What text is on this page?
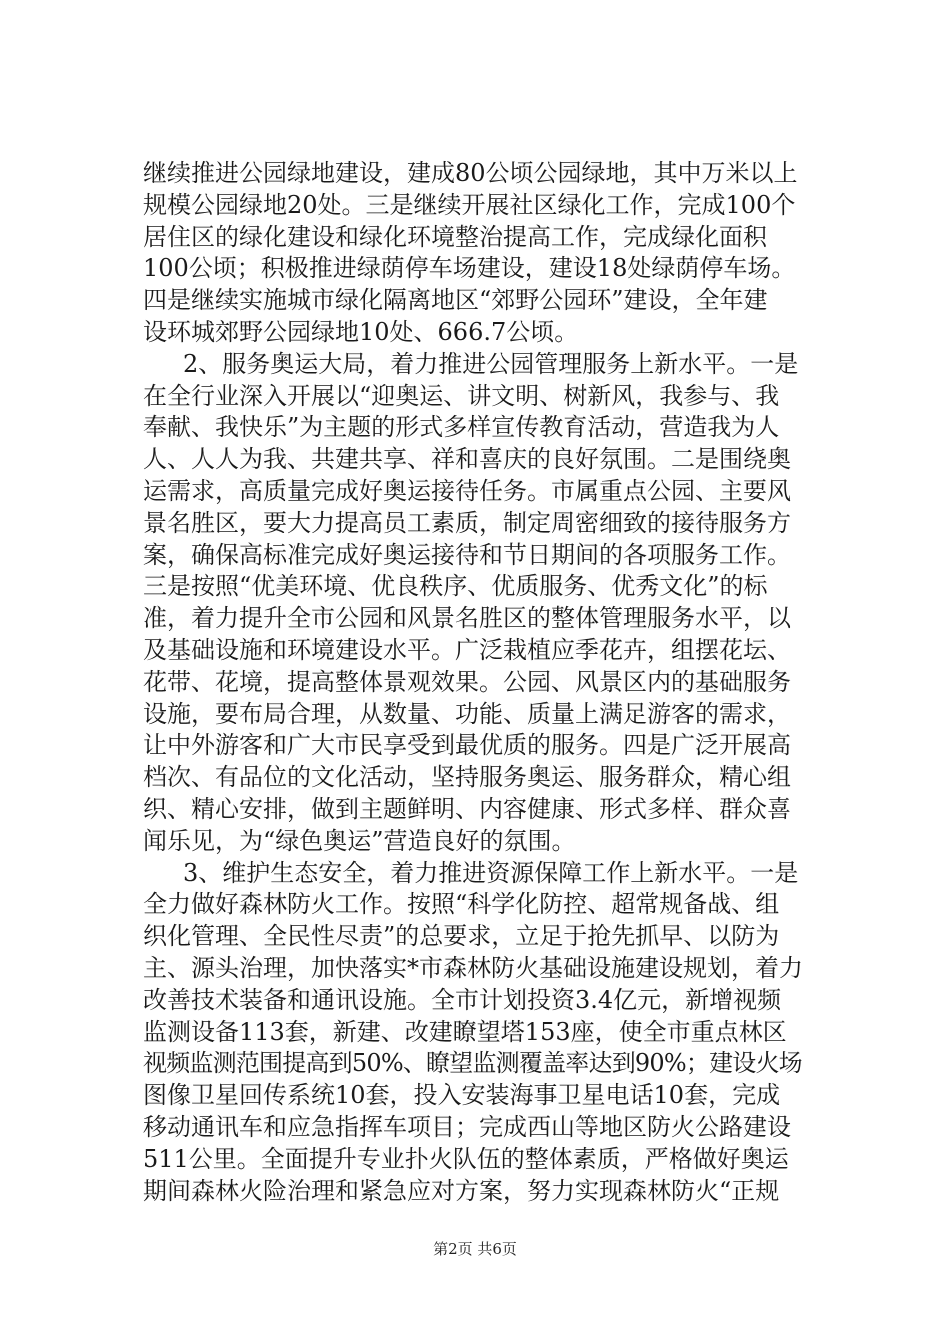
继续推进公园绿地建设，建成80公顷公园绿地，其中万米以上
规模公园绿地20处。三是继续开展社区绿化工作，完成100个
居住区的绿化建设和绿化环境整治提高工作，完成绿化面积
100公顷；积极推进绿荫停车场建设，建设18处绿荫停车场。
四是继续实施城市绿化隔离地区“郊野公园环”建设，全年建
设环城郊野公园绿地10处、666.7公顷。
2、服务奥运大局，着力推进公园管理服务上新水平。一是
在全行业深入开展以“迎奥运、讲文明、树新风，我参与、我
奉献、我快乐”为主题的形式多样宣传教育活动，营造我为人
人、人人为我、共建共享、祥和喜庆的良好氛围。二是围绕奥
运需求，高质量完成好奥运接待任务。市属重点公园、主要风
景名胜区，要大力提高员工素质，制定周密细致的接待服务方
案，确保高标准完成好奥运接待和节日期间的各项服务工作。
三是按照“优美环境、优良秩序、优质服务、优秀文化”的标
准，着力提升全市公园和风景名胜区的整体管理服务水平，以
及基础设施和环境建设水平。广泛栽植应季花卉，组摆花坛、
花带、花境，提高整体景观效果。公园、风景区内的基础服务
设施，要布局合理，从数量、功能、质量上满足游客的需求，
让中外游客和广大市民享受到最优质的服务。四是广泛开展高
档次、有品位的文化活动，坚持服务奥运、服务群众，精心组
织、精心安排，做到主题鲜明、内容健康、形式多样、群众喜
闻乐见，为“绿色奥运”营造良好的氛围。
3、维护生态安全，着力推进资源保障工作上新水平。一是
全力做好森林防火工作。按照“科学化防控、超常规备战、组
织化管理、全民性尽责”的总要求，立足于抢先抓早、以防为
主、源头治理，加快落实*市森林防火基础设施建设规划，着力
改善技术装备和通讯设施。全市计划投资3.4亿元，新增视频
监测设备113套，新建、改建瞭望塔153座，使全市重点林区
视频监测范围提高到50%、瞭望监测覆盖率达到90%；建设火场
图像卫星回传系统10套，投入安装海事卫星电话10套，完成
移动通讯车和应急指挥车项目；完成西山等地区防火公路建设
511公里。全面提升专业扑火队伍的整体素质，严格做好奥运
期间森林火险治理和紧急应对方案，努力实现森林防火“正规
第2页 共6页
